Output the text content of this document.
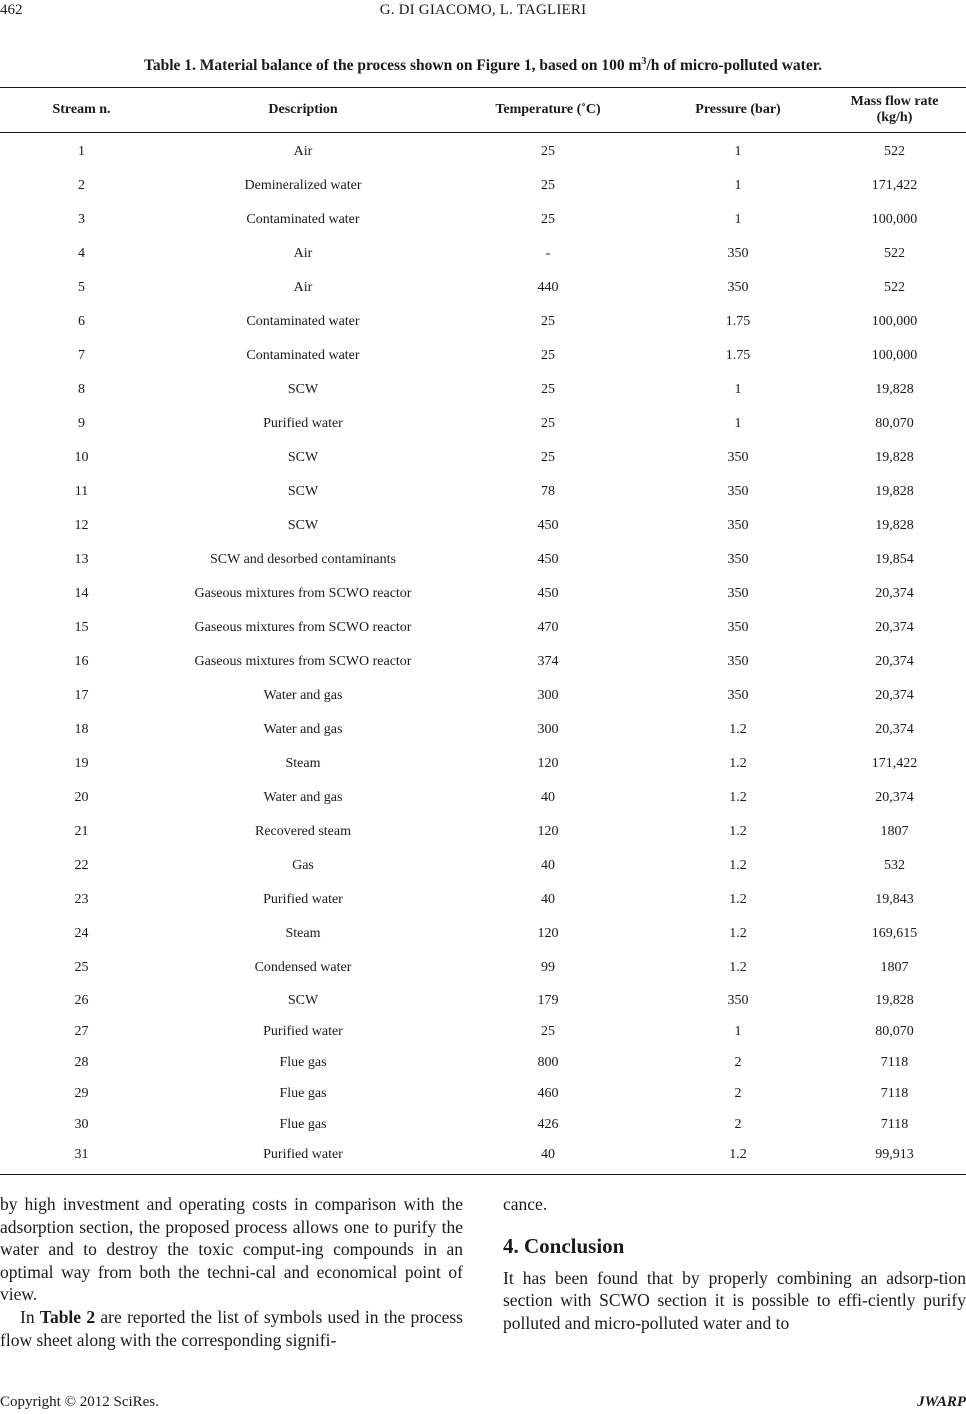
462	G. DI GIACOMO, L. TAGLIERI
Table 1. Material balance of the process shown on Figure 1, based on 100 $m^3/h$ of micro-polluted water.
Stream n.	Description	Temperature (˚C)	Pressure (bar)	Mass flow rate
(kg/h)
1	Air	25	1	522
2	Demineralized water	25	1	171,422
3	Contaminated water	25	1	100,000
4	Air	-	350	522
5	Air	440	350	522
6	Contaminated water	25	1.75	100,000
7	Contaminated water	25	1.75	100,000
8	SCW	25	1	19,828
9	Purified water	25	1	80,070
10	SCW	25	350	19,828
11	SCW	78	350	19,828
12	SCW	450	350	19,828
13	SCW and desorbed contaminants	450	350	19,854
14	Gaseous mixtures from SCWO reactor	450	350	20,374
15	Gaseous mixtures from SCWO reactor	470	350	20,374
16	Gaseous mixtures from SCWO reactor	374	350	20,374
17	Water and gas	300	350	20,374
18	Water and gas	300	1.2	20,374
19	Steam	120	1.2	171,422
20	Water and gas	40	1.2	20,374
21	Recovered steam	120	1.2	1807
22	Gas	40	1.2	532
23	Purified water	40	1.2	19,843
24	Steam	120	1.2	169,615
25	Condensed water	99	1.2	1807
26	SCW	179	350	19,828
27	Purified water	25	1	80,070
28	Flue gas	800	2	7118
29	Flue gas	460	2	7118
30	Flue gas	426	2	7118
31	Purified water	40	1.2	99,913

by high investment and operating costs in comparison with the adsorption section, the proposed process allows one to purify the water and to destroy the toxic comput-ing compounds in an optimal way from both the techni-cal and economical point of view.

In Table 2 are reported the list of symbols used in the process flow sheet along with the corresponding signifi-

cance.

4. Conclusion

It has been found that by properly combining an adsorp-tion section with SCWO section it is possible to effi-ciently purify polluted and micro-polluted water and to

Copyright © 2012 SciRes.	JWARP
